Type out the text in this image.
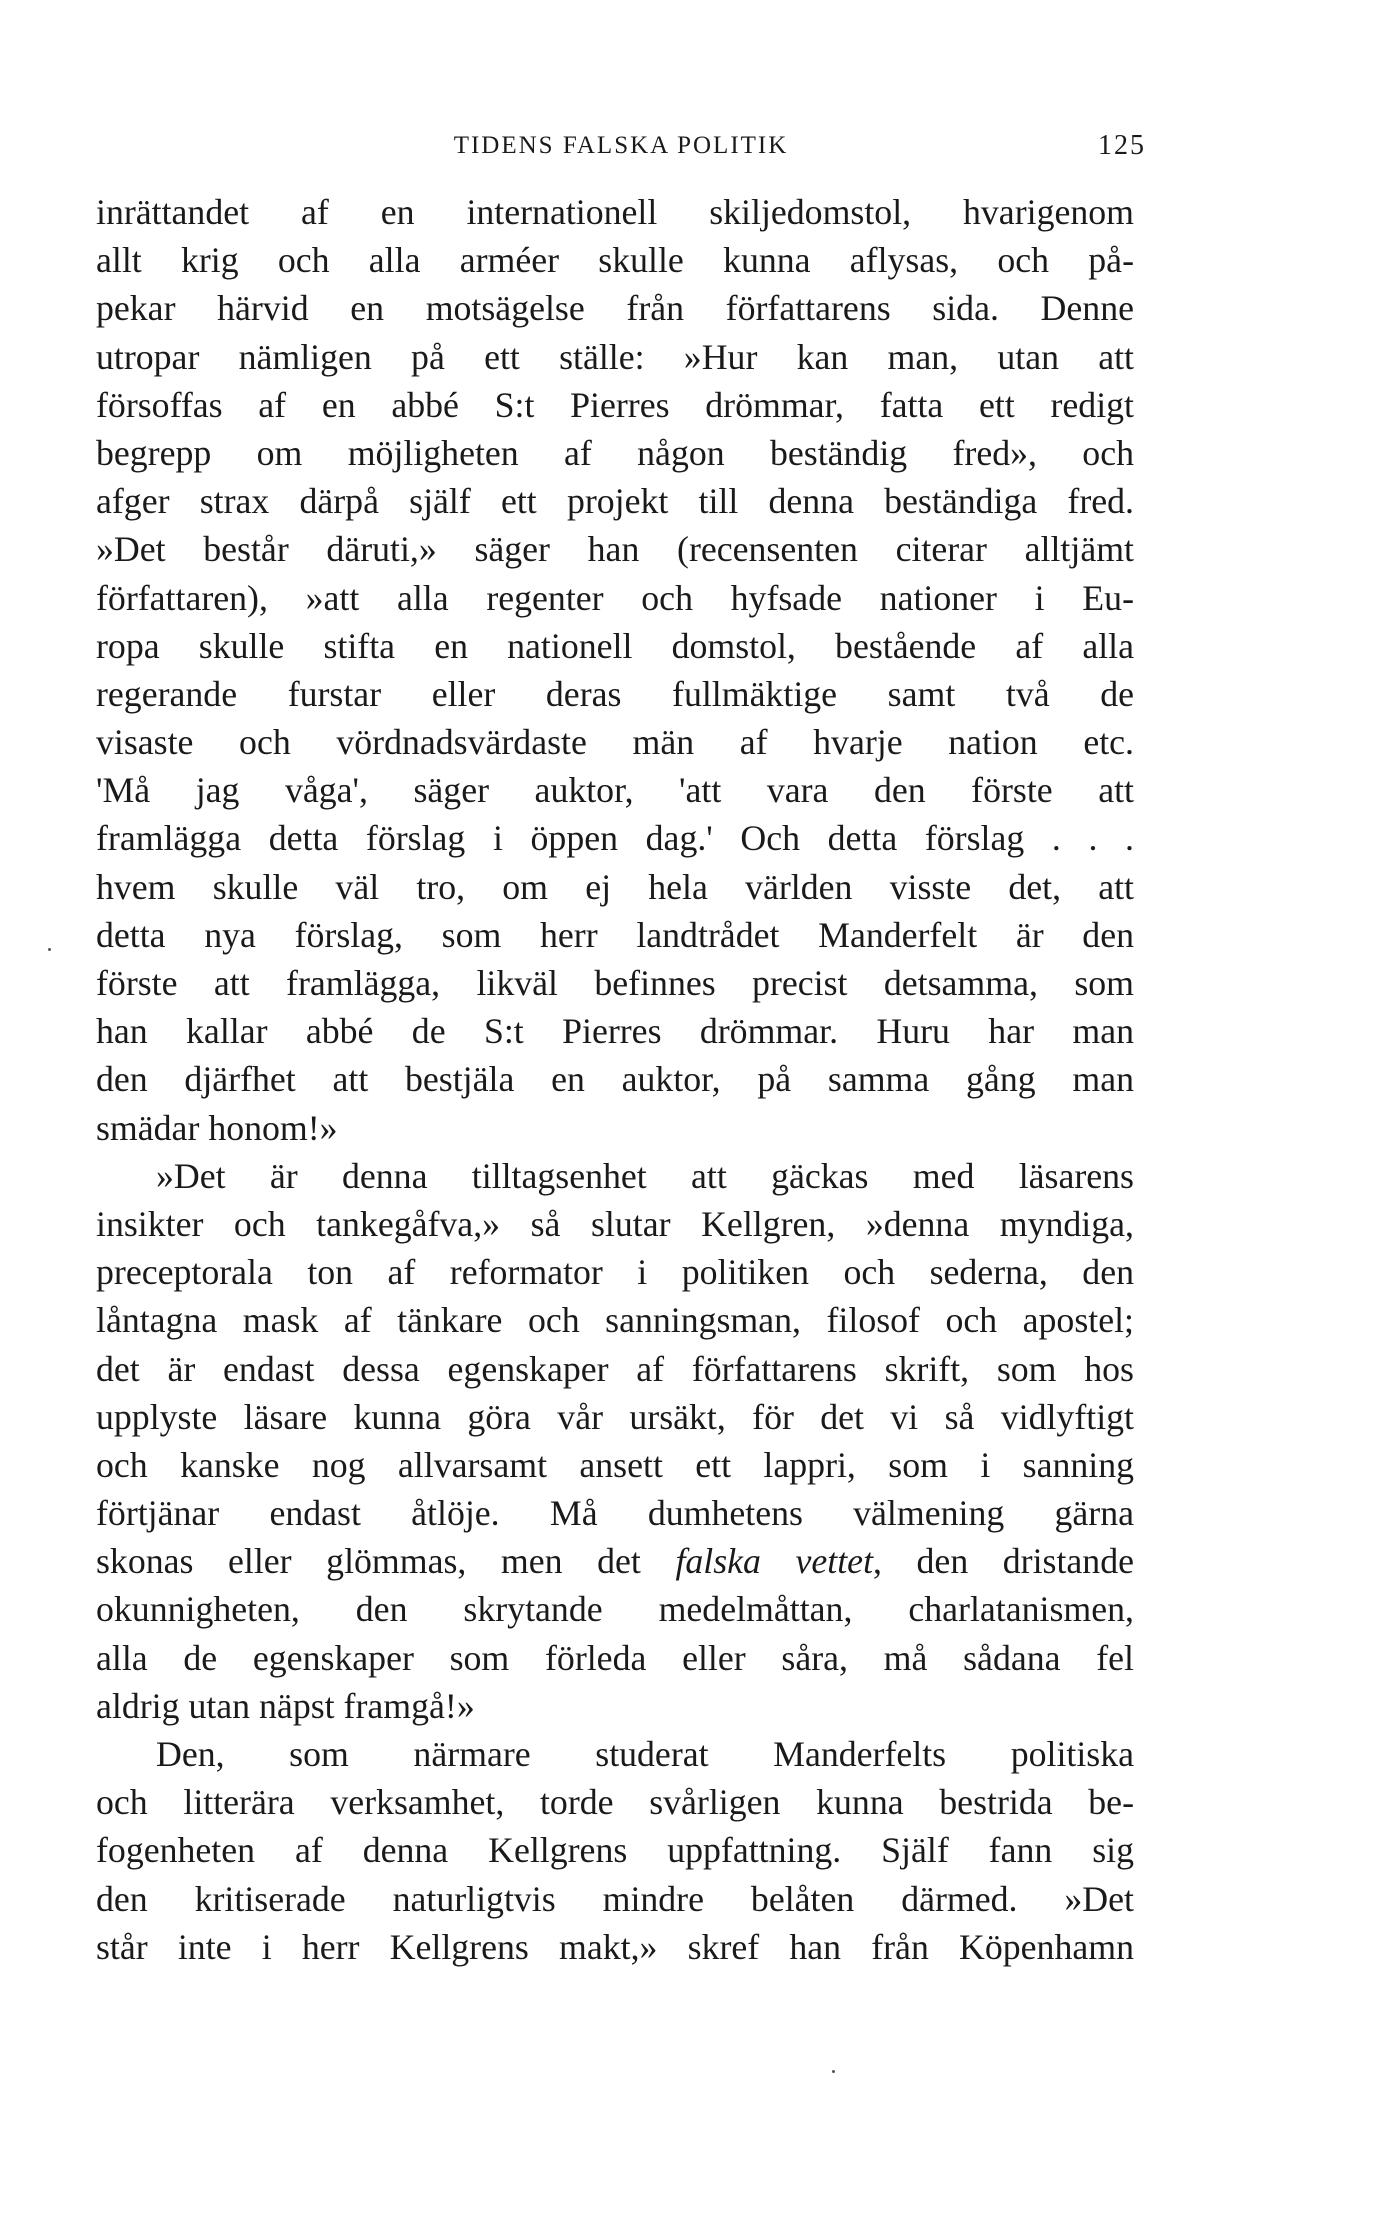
TIDENS FALSKA POLITIK	125
inrättandet af en internationell skiljedomstol, hvarigenom
allt krig och alla arméer skulle kunna aflysas, och på-
pekar härvid en motsägelse från författarens sida. Denne
utropar nämligen på ett ställe: »Hur kan man, utan att
försoffas af en abbé S:t Pierres drömmar, fatta ett redigt
begrepp om möjligheten af någon beständig fred», och
afger strax därpå själf ett projekt till denna beständiga fred.
»Det består däruti,» säger han (recensenten citerar alltjämt
författaren), »att alla regenter och hyfsade nationer i Eu-
ropa skulle stifta en nationell domstol, bestående af alla
regerande furstar eller deras fullmäktige samt två de
visaste och vördnadsvärdaste män af hvarje nation etc.
'Må jag våga', säger auktor, 'att vara den förste att
framlägga detta förslag i öppen dag.' Och detta förslag . . .
hvem skulle väl tro, om ej hela världen visste det, att
detta nya förslag, som herr landtrådet Manderfelt är den
förste att framlägga, likväl befinnes precist detsamma, som
han kallar abbé de S:t Pierres drömmar. Huru har man
den djärfhet att bestjäla en auktor, på samma gång man
smädar honom!»
»Det är denna tilltagsenhet att gäckas med läsarens
insikter och tankegåfva,» så slutar Kellgren, »denna myndiga,
preceptorala ton af reformator i politiken och sederna, den
låntagna mask af tänkare och sanningsman, filosof och apostel;
det är endast dessa egenskaper af författarens skrift, som hos
upplyste läsare kunna göra vår ursäkt, för det vi så vidlyftigt
och kanske nog allvarsamt ansett ett lappri, som i sanning
förtjänar endast åtlöje. Må dumhetens välmening gärna
skonas eller glömmas, men det falska vettet, den dristande
okunnigheten, den skrytande medelmåttan, charlatanismen,
alla de egenskaper som förleda eller såra, må sådana fel
aldrig utan näpst framgå!»
Den, som närmare studerat Manderfelts politiska
och litterära verksamhet, torde svårligen kunna bestrida be-
fogenheten af denna Kellgrens uppfattning. Själf fann sig
den kritiserade naturligtvis mindre belåten därmed. »Det
står inte i herr Kellgrens makt,» skref han från Köpenhamn
